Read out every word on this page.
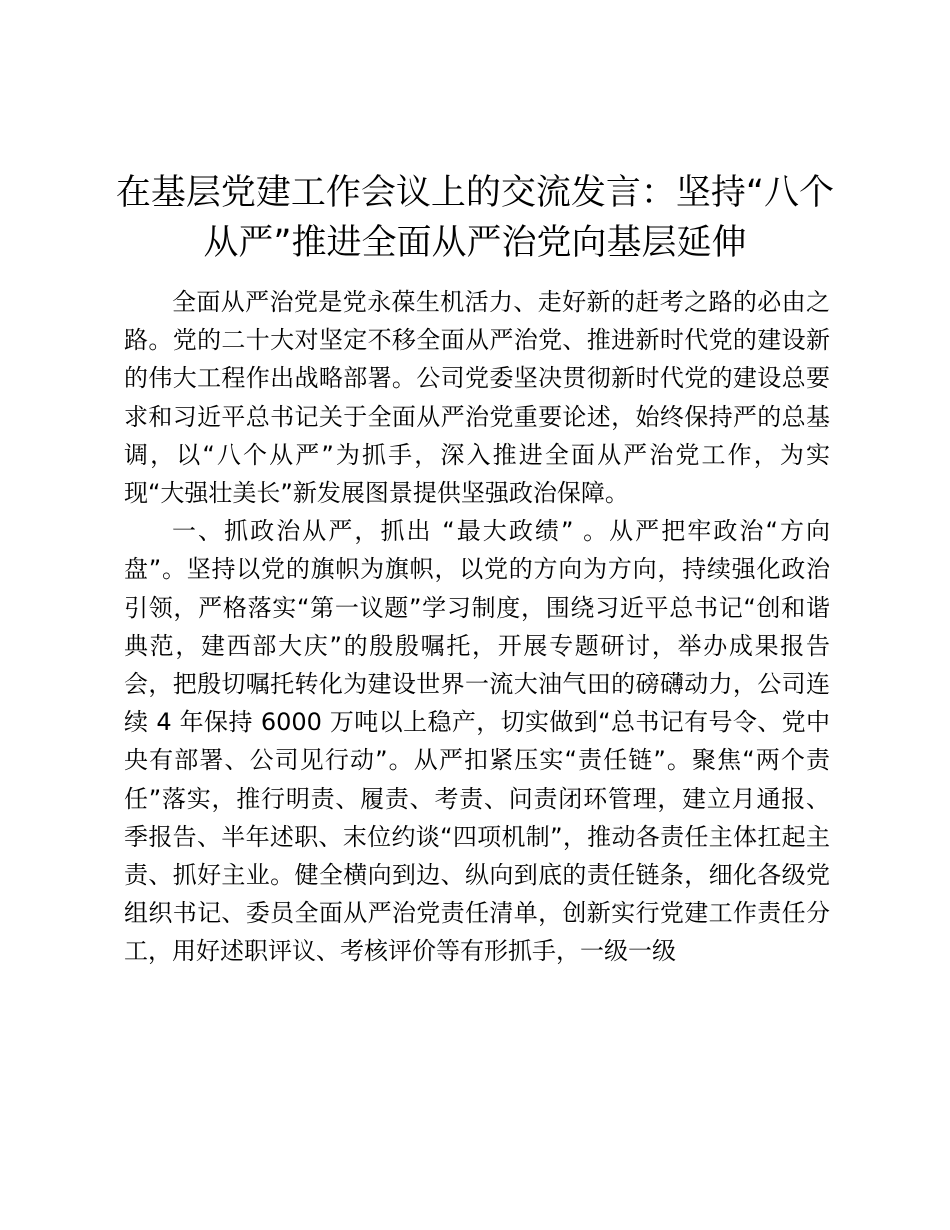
在基层党建工作会议上的交流发言：坚持“八个
从严”推进全面从严治党向基层延伸

全面从严治党是党永葆生机活力、走好新的赶考之路的必由之路。党的二十大对坚定不移全面从严治党、推进新时代党的建设新的伟大工程作出战略部署。公司党委坚决贯彻新时代党的建设总要求和习近平总书记关于全面从严治党重要论述，始终保持严的总基调，以“八个从严”为抓手，深入推进全面从严治党工作，为实现“大强壮美长”新发展图景提供坚强政治保障。

一、抓政治从严，抓出 “最大政绩” 。从严把牢政治“方向盘”。坚持以党的旗帜为旗帜，以党的方向为方向，持续强化政治引领，严格落实“第一议题”学习制度，围绕习近平总书记“创和谐典范，建西部大庆”的殷殷嘱托，开展专题研讨，举办成果报告会，把殷切嘱托转化为建设世界一流大油气田的磅礴动力，公司连续 4 年保持 6000 万吨以上稳产，切实做到“总书记有号令、党中央有部署、公司见行动”。从严扣紧压实“责任链”。聚焦“两个责任”落实，推行明责、履责、考责、问责闭环管理，建立月通报、季报告、半年述职、末位约谈“四项机制”，推动各责任主体扛起主责、抓好主业。健全横向到边、纵向到底的责任链条，细化各级党组织书记、委员全面从严治党责任清单，创新实行党建工作责任分工，用好述职评议、考核评价等有形抓手，一级一级
